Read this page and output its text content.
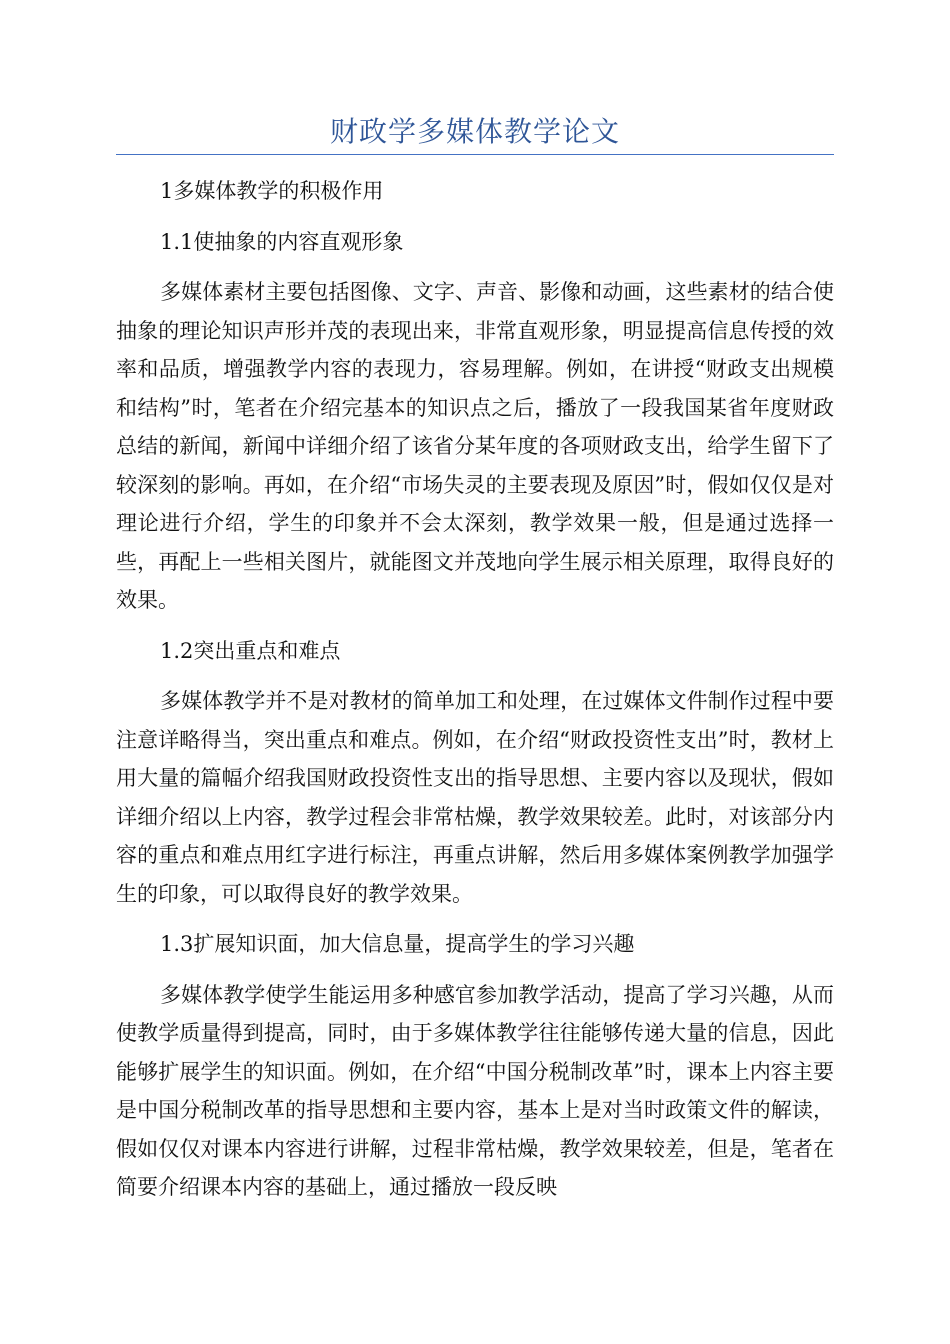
财政学多媒体教学论文

1多媒体教学的积极作用

1.1使抽象的内容直观形象

多媒体素材主要包括图像、文字、声音、影像和动画，这些素材的结合使抽象的理论知识声形并茂的表现出来，非常直观形象，明显提高信息传授的效率和品质，增强教学内容的表现力，容易理解。例如，在讲授“财政支出规模和结构”时，笔者在介绍完基本的知识点之后，播放了一段我国某省年度财政总结的新闻，新闻中详细介绍了该省分某年度的各项财政支出，给学生留下了较深刻的影响。再如，在介绍“市场失灵的主要表现及原因”时，假如仅仅是对理论进行介绍，学生的印象并不会太深刻，教学效果一般，但是通过选择一些，再配上一些相关图片，就能图文并茂地向学生展示相关原理，取得良好的效果。

1.2突出重点和难点

多媒体教学并不是对教材的简单加工和处理，在过媒体文件制作过程中要注意详略得当，突出重点和难点。例如，在介绍“财政投资性支出”时，教材上用大量的篇幅介绍我国财政投资性支出的指导思想、主要内容以及现状，假如详细介绍以上内容，教学过程会非常枯燥，教学效果较差。此时，对该部分内容的重点和难点用红字进行标注，再重点讲解，然后用多媒体案例教学加强学生的印象，可以取得良好的教学效果。

1.3扩展知识面，加大信息量，提高学生的学习兴趣

多媒体教学使学生能运用多种感官参加教学活动，提高了学习兴趣，从而使教学质量得到提高，同时，由于多媒体教学往往能够传递大量的信息，因此能够扩展学生的知识面。例如，在介绍“中国分税制改革”时，课本上内容主要是中国分税制改革的指导思想和主要内容，基本上是对当时政策文件的解读，假如仅仅对课本内容进行讲解，过程非常枯燥，教学效果较差，但是，笔者在简要介绍课本内容的基础上，通过播放一段反映
